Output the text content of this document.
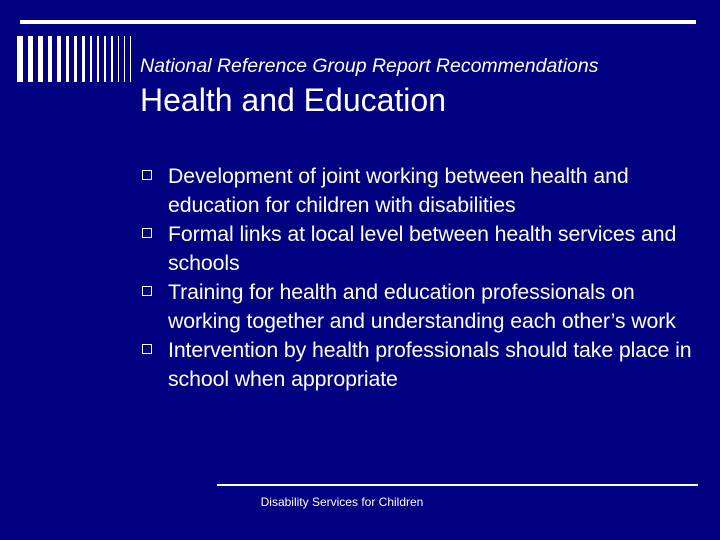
National Reference Group Report Recommendations
Health and Education
Development of joint working between health and education for children with disabilities
Formal links at local level between health services and schools
Training for health and education professionals on working together and understanding each other’s work
Intervention by health professionals should take place in school when appropriate
Disability Services for Children
